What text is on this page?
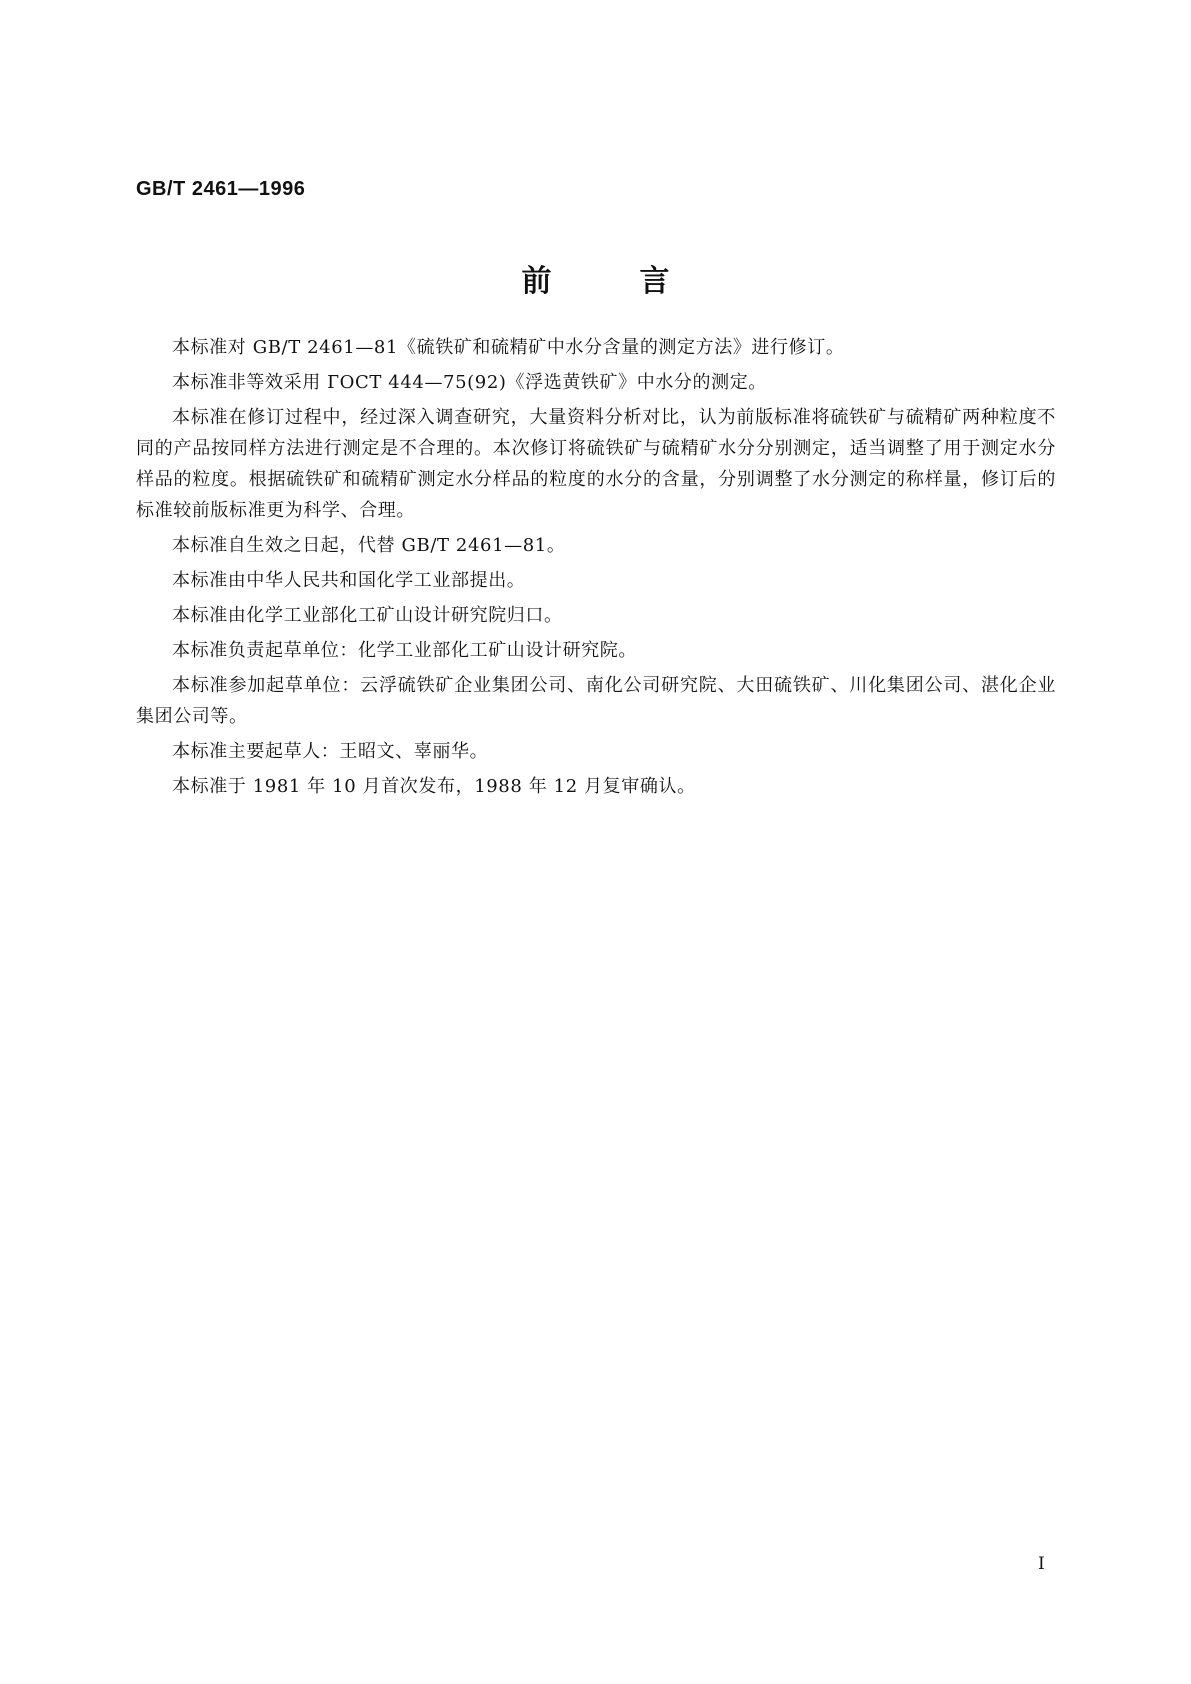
GB/T 2461—1996
前	言

本标准对 GB/T 2461—81《硫铁矿和硫精矿中水分含量的测定方法》进行修订。

本标准非等效采用 ГОСТ 444—75(92)《浮选黄铁矿》中水分的测定。

本标准在修订过程中，经过深入调查研究，大量资料分析对比，认为前版标准将硫铁矿与硫精矿两种粒度不同的产品按同样方法进行测定是不合理的。本次修订将硫铁矿与硫精矿水分分别测定，适当调整了用于测定水分样品的粒度。根据硫铁矿和硫精矿测定水分样品的粒度的水分的含量，分别调整了水分测定的称样量，修订后的标准较前版标准更为科学、合理。

本标准自生效之日起，代替 GB/T 2461—81。

本标准由中华人民共和国化学工业部提出。

本标准由化学工业部化工矿山设计研究院归口。

本标准负责起草单位：化学工业部化工矿山设计研究院。

本标准参加起草单位：云浮硫铁矿企业集团公司、南化公司研究院、大田硫铁矿、川化集团公司、湛化企业集团公司等。

本标准主要起草人：王昭文、辜丽华。

本标准于 1981 年 10 月首次发布，1988 年 12 月复审确认。

I
